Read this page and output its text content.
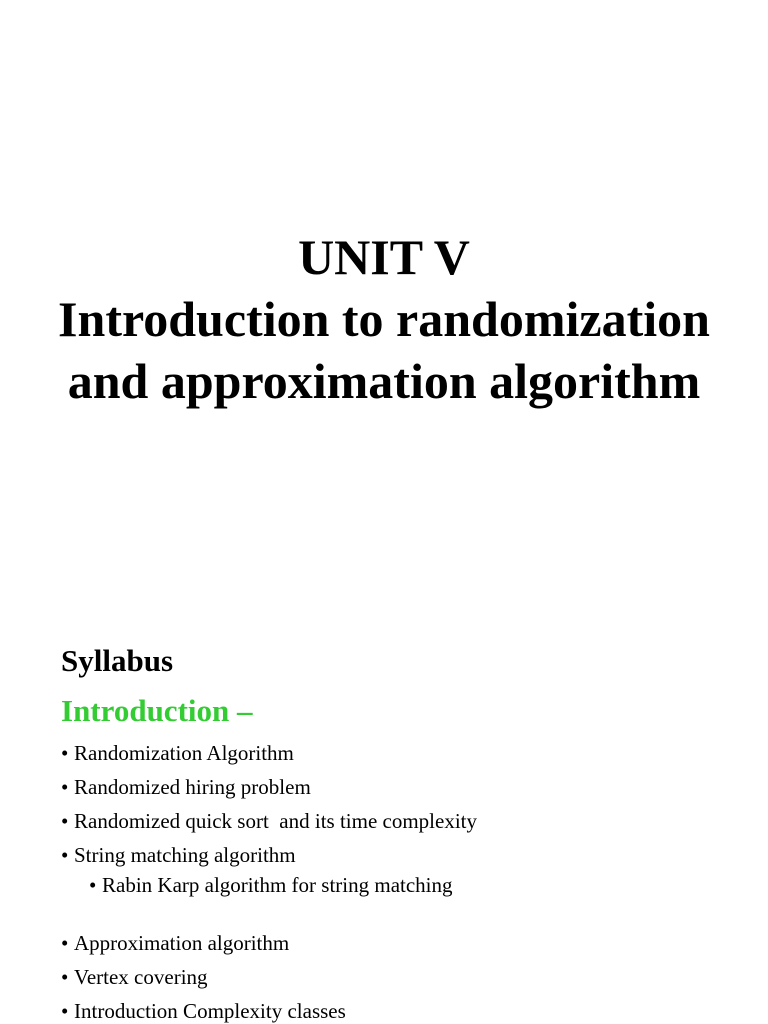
UNIT V
Introduction to randomization
and approximation algorithm
Syllabus
Introduction –
• Randomization Algorithm
• Randomized hiring problem
• Randomized quick sort  and its time complexity
• String matching algorithm
• Rabin Karp algorithm for string matching
• Approximation algorithm
• Vertex covering
• Introduction Complexity classes
